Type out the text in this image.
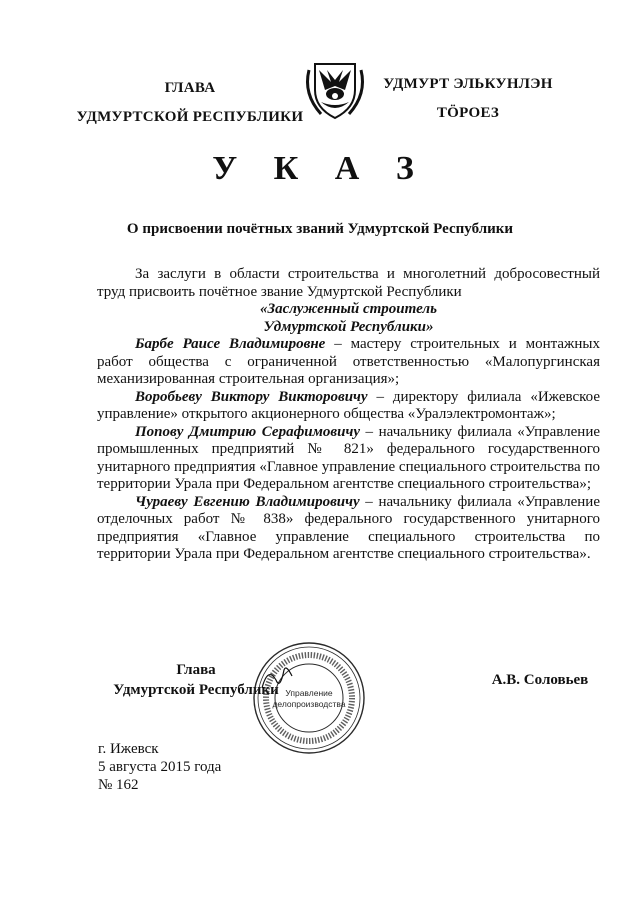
ГЛАВА
УДМУРТСКОЙ РЕСПУБЛИКИ
УДМУРТ ЭЛЬКУНЛЭН
ТӦРОЕЗ
У К А З
О присвоении почётных званий Удмуртской Республики

За заслуги в области строительства и многолетний добросовестный труд присвоить почётное звание Удмуртской Республики

«Заслуженный строитель

Удмуртской Республики»

Барбе Раисе Владимировне – мастеру строительных и монтажных работ общества с ограниченной ответственностью «Малопургинская механизированная строительная организация»;

Воробьеву Виктору Викторовичу – директору филиала «Ижевское управление» открытого акционерного общества «Уралэлектромонтаж»;

Попову Дмитрию Серафимовичу – начальнику филиала «Управление промышленных предприятий № 821» федерального государственного унитарного предприятия «Главное управление специального строительства по территории Урала при Федеральном агентстве специального строительства»;

Чураеву Евгению Владимировичу – начальнику филиала «Управление отделочных работ № 838» федерального государственного унитарного предприятия «Главное управление специального строительства по территории Урала при Федеральном агентстве специального строительства».

Глава
Удмуртской Республики Управление
делопроизводства
А.В. Соловьев
г. Ижевск
5 августа 2015 года
№ 162
